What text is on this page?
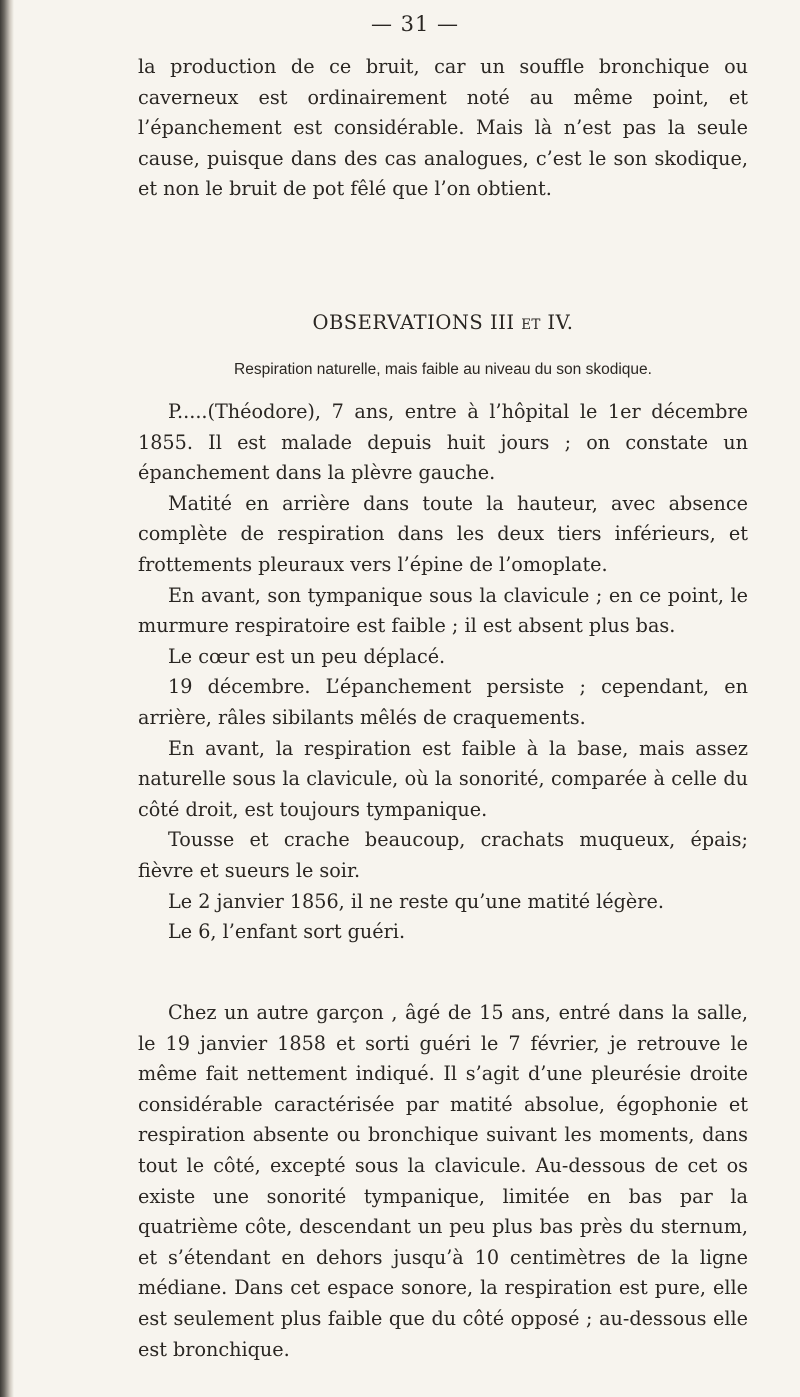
— 31 —

la production de ce bruit, car un souffle bronchique ou caverneux est ordinairement noté au même point, et l’épanchement est considérable. Mais là n’est pas la seule cause, puisque dans des cas analogues, c’est le son skodique, et non le bruit de pot fêlé que l’on obtient.

OBSERVATIONS III ET IV.
Respiration naturelle, mais faible au niveau du son skodique.

P.....(Théodore), 7 ans, entre à l’hôpital le 1er décembre 1855. Il est malade depuis huit jours ; on constate un épanchement dans la plèvre gauche.

Matité en arrière dans toute la hauteur, avec absence complète de respiration dans les deux tiers inférieurs, et frottements pleuraux vers l’épine de l’omoplate.

En avant, son tympanique sous la clavicule ; en ce point, le murmure respiratoire est faible ; il est absent plus bas.

Le cœur est un peu déplacé.

19 décembre. L’épanchement persiste ; cependant, en arrière, râles sibilants mêlés de craquements.

En avant, la respiration est faible à la base, mais assez naturelle sous la clavicule, où la sonorité, comparée à celle du côté droit, est toujours tympanique.

Tousse et crache beaucoup, crachats muqueux, épais; fièvre et sueurs le soir.

Le 2 janvier 1856, il ne reste qu’une matité légère.

Le 6, l’enfant sort guéri.

Chez un autre garçon , âgé de 15 ans, entré dans la salle, le 19 janvier 1858 et sorti guéri le 7 février, je retrouve le même fait nettement indiqué. Il s’agit d’une pleurésie droite considérable caractérisée par matité absolue, égophonie et respiration absente ou bronchique suivant les moments, dans tout le côté, excepté sous la clavicule. Au-dessous de cet os existe une sonorité tympanique, limitée en bas par la quatrième côte, descendant un peu plus bas près du sternum, et s’étendant en dehors jusqu’à 10 centimètres de la ligne médiane. Dans cet espace sonore, la respiration est pure, elle est seulement plus faible que du côté opposé ; au-dessous elle est bronchique.
